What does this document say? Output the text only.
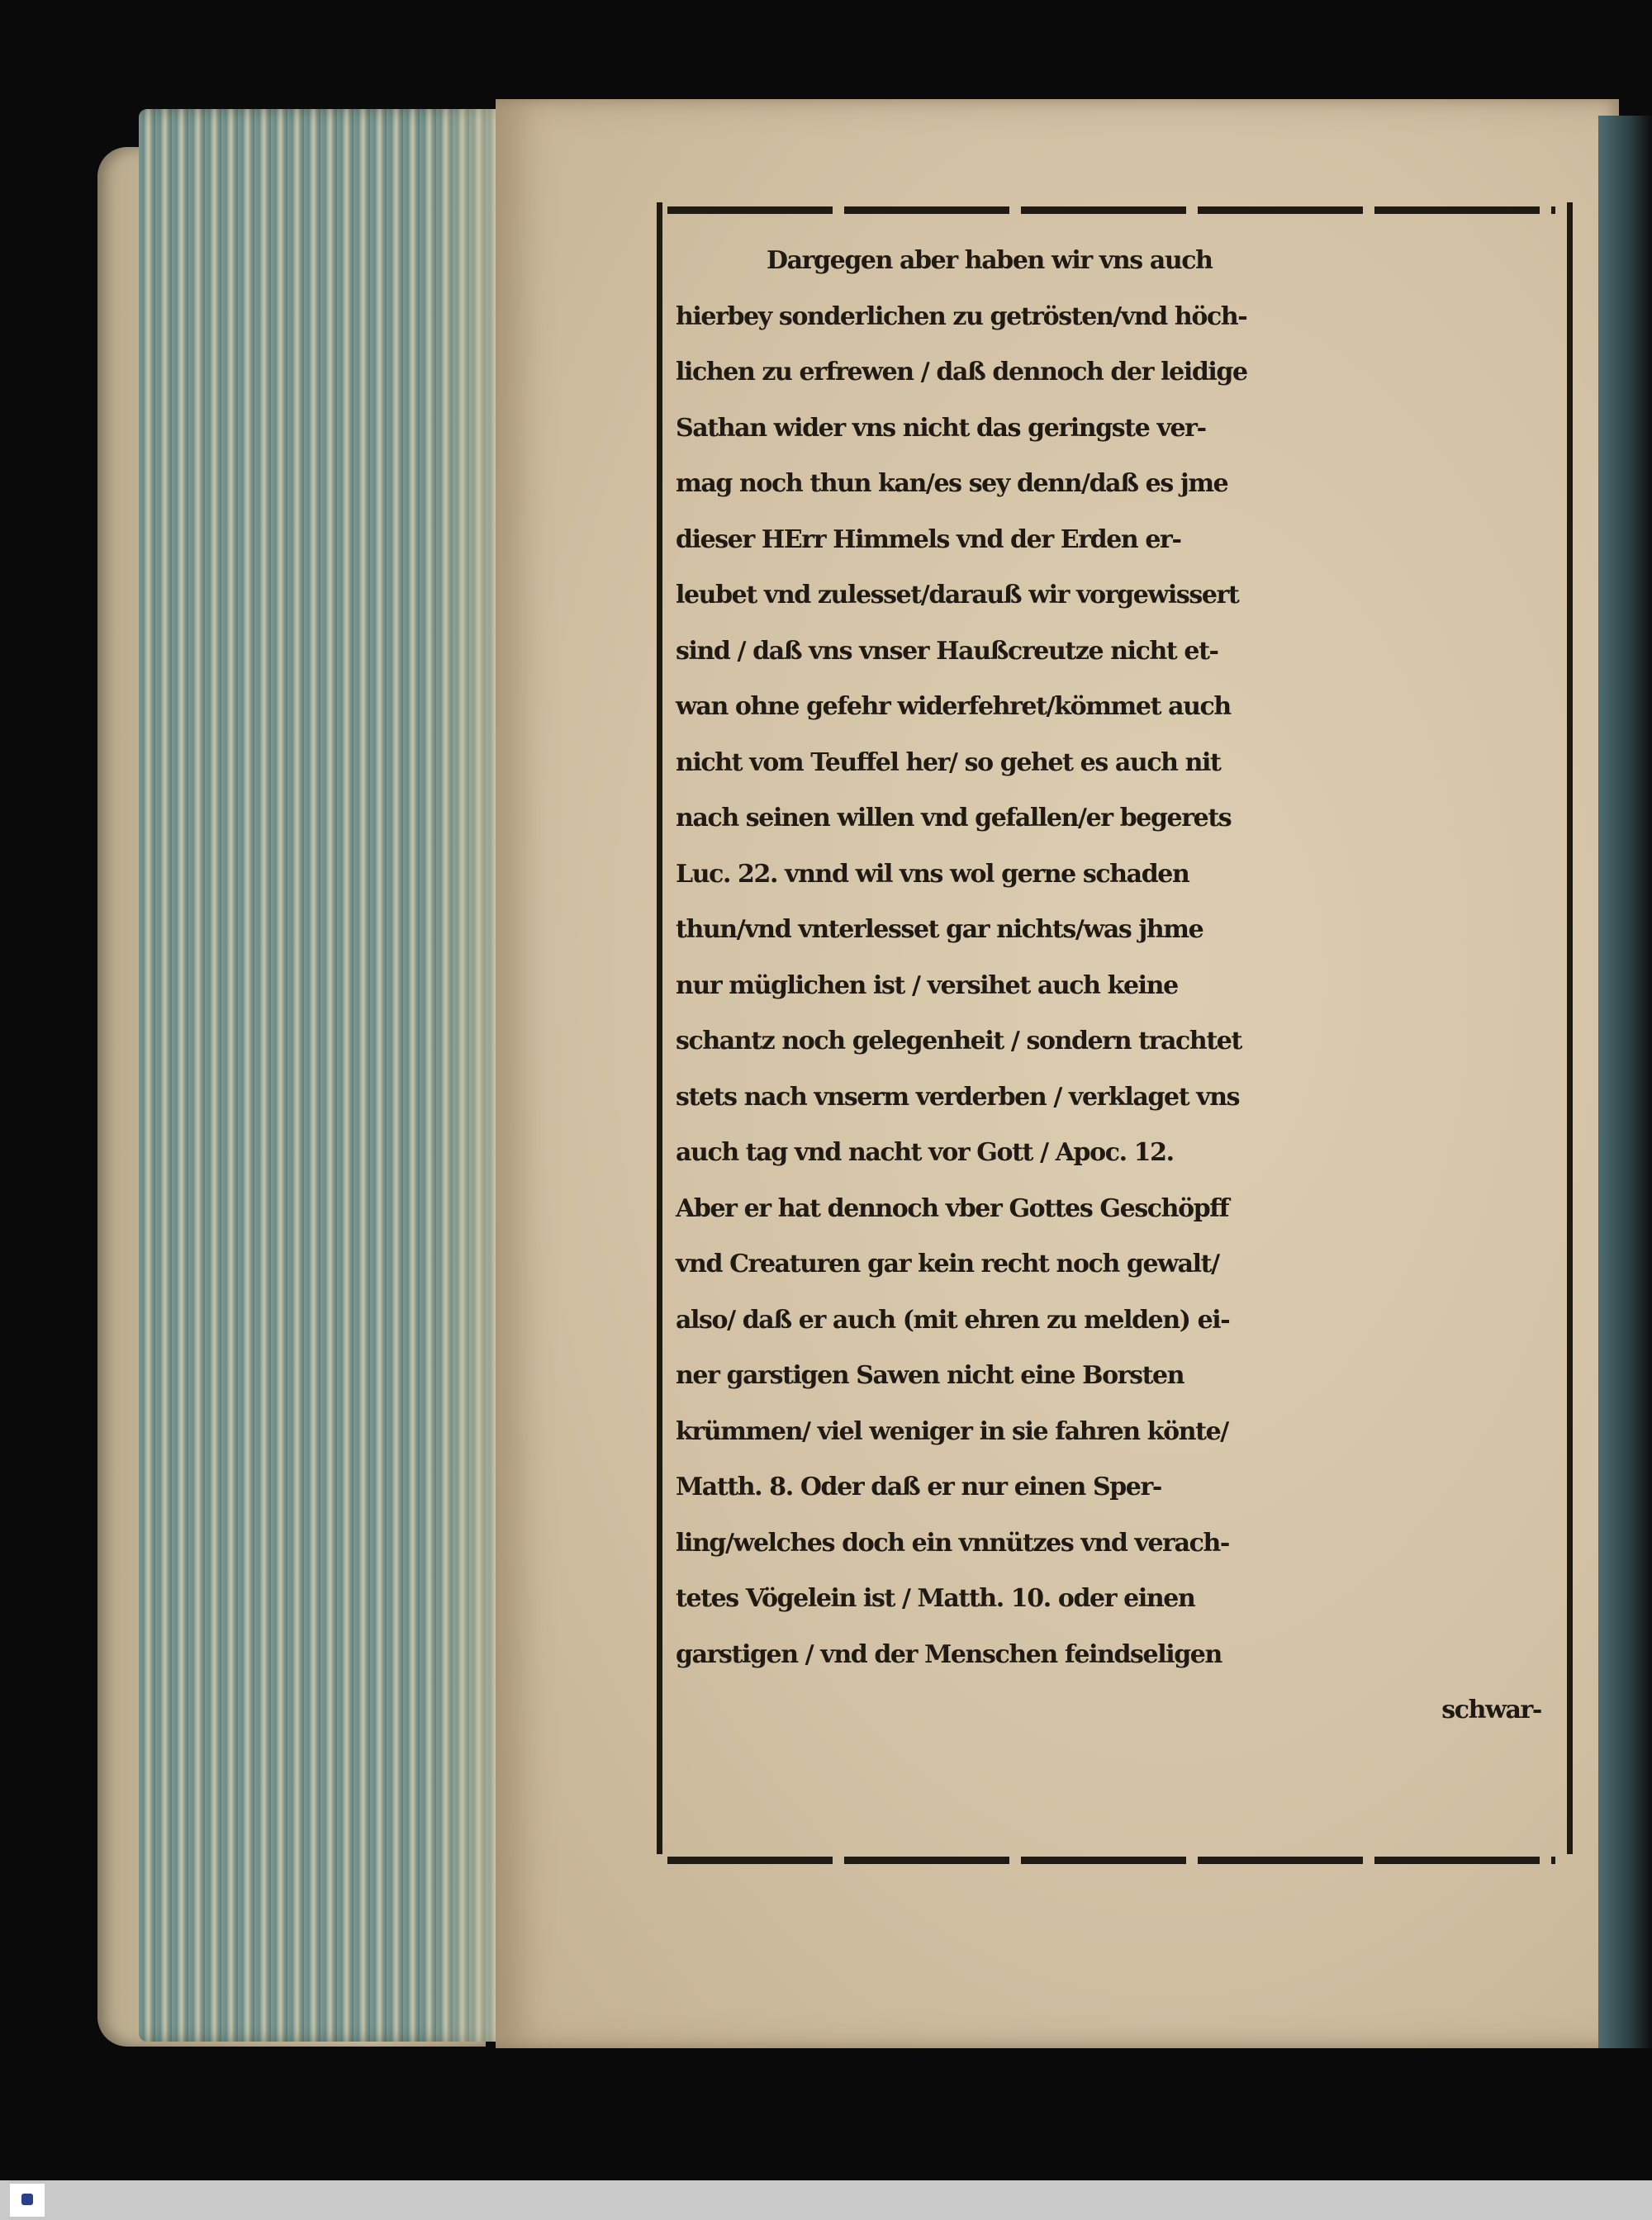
Dargegen aber haben wir vns auch
hierbey sonderlichen zu getrösten/vnd höch-
lichen zu erfrewen / daß dennoch der leidige
Sathan wider vns nicht das geringste ver-
mag noch thun kan/es sey denn/daß es jme
dieser HErr Himmels vnd der Erden er-
leubet vnd zulesset/darauß wir vorgewissert
sind / daß vns vnser Haußcreutze nicht et-
wan ohne gefehr widerfehret/kömmet auch
nicht vom Teuffel her/ so gehet es auch nit
nach seinen willen vnd gefallen/er begerets
Luc. 22. vnnd wil vns wol gerne schaden
thun/vnd vnterlesset gar nichts/was jhme
nur müglichen ist / versihet auch keine
schantz noch gelegenheit / sondern trachtet
stets nach vnserm verderben / verklaget vns
auch tag vnd nacht vor Gott / Apoc. 12.
Aber er hat dennoch vber Gottes Geschöpff
vnd Creaturen gar kein recht noch gewalt/
also/ daß er auch (mit ehren zu melden) ei-
ner garstigen Sawen nicht eine Borsten
krümmen/ viel weniger in sie fahren könte/
Matth. 8. Oder daß er nur einen Sper-
ling/welches doch ein vnnützes vnd verach-
tetes Vögelein ist / Matth. 10. oder einen
garstigen / vnd der Menschen feindseligen
schwar-
